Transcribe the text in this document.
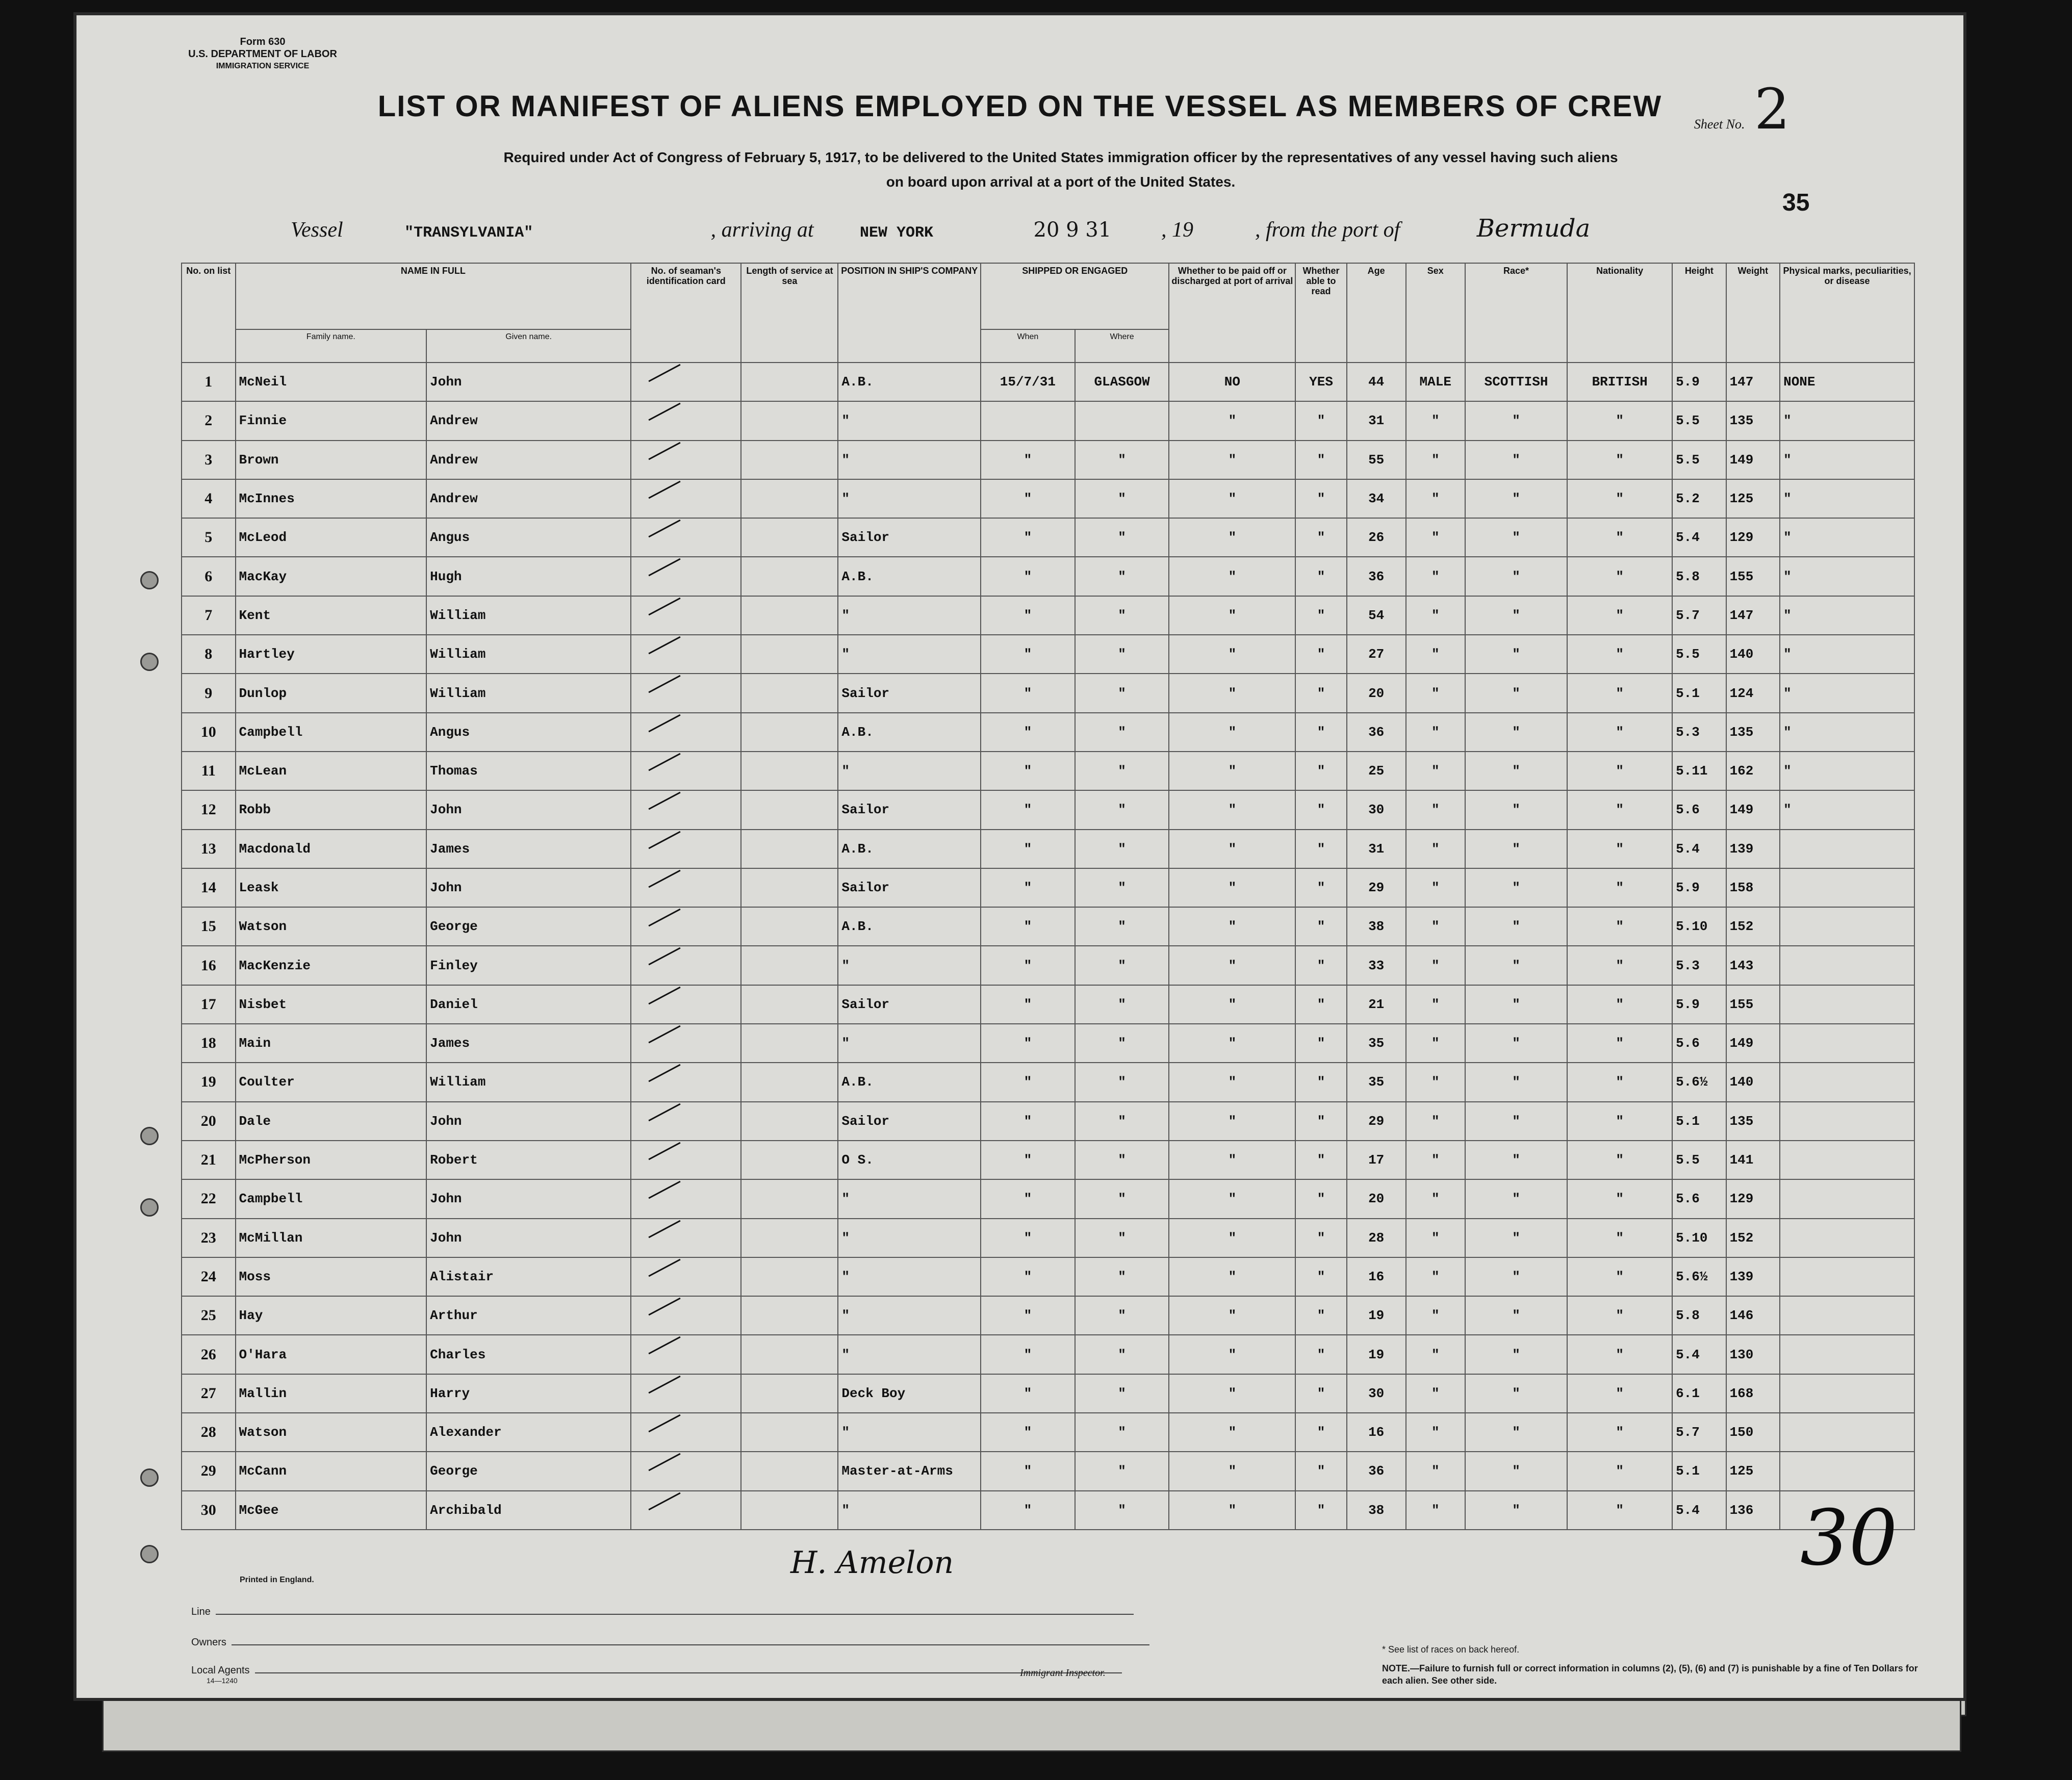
Form 630
U.S. DEPARTMENT OF LABOR
IMMIGRATION SERVICE
Sheet No. 2
LIST OR MANIFEST OF ALIENS EMPLOYED ON THE VESSEL AS MEMBERS OF CREW
Required under Act of Congress of February 5, 1917, to be delivered to the United States immigration officer by the representatives of any vessel having such aliens
on board upon arrival at a port of the United States.
35
Vessel	"TRANSYLVANIA"	, arriving at	NEW YORK	20 9 31 , 19	, from the port of	Bermuda
No. on list	NAME IN FULL		No. of seaman's identification card	Length of service at sea	POSITION IN SHIP'S COMPANY	SHIPPED OR ENGAGED		Whether to be paid off or discharged at port of arrival	Whether able to read	Age	Sex	Race*	Nationality	Height	Weight	Physical marks, peculiarities, or disease
	Family name.	Given name.				When	Where									
1	McNeil	John			A.B.	15/7/31	GLASGOW	NO	YES	44	MALE	SCOTTISH	BRITISH	5.9	147	NONE
2	Finnie	Andrew			"			"	"	31	"	"	"	5.5	135	"
3	Brown	Andrew			"	"	"	"	"	55	"	"	"	5.5	149	"
4	McInnes	Andrew			"	"	"	"	"	34	"	"	"	5.2	125	"
5	McLeod	Angus			Sailor	"	"	"	"	26	"	"	"	5.4	129	"
6	MacKay	Hugh			A.B.	"	"	"	"	36	"	"	"	5.8	155	"
7	Kent	William			"	"	"	"	"	54	"	"	"	5.7	147	"
8	Hartley	William			"	"	"	"	"	27	"	"	"	5.5	140	"
9	Dunlop	William			Sailor	"	"	"	"	20	"	"	"	5.1	124	"
10	Campbell	Angus			A.B.	"	"	"	"	36	"	"	"	5.3	135	"
11	McLean	Thomas			"	"	"	"	"	25	"	"	"	5.11	162	"
12	Robb	John			Sailor	"	"	"	"	30	"	"	"	5.6	149	"
13	Macdonald	James			A.B.	"	"	"	"	31	"	"	"	5.4	139	
14	Leask	John			Sailor	"	"	"	"	29	"	"	"	5.9	158	
15	Watson	George			A.B.	"	"	"	"	38	"	"	"	5.10	152	
16	MacKenzie	Finley			"	"	"	"	"	33	"	"	"	5.3	143	
17	Nisbet	Daniel			Sailor	"	"	"	"	21	"	"	"	5.9	155	
18	Main	James			"	"	"	"	"	35	"	"	"	5.6	149	
19	Coulter	William			A.B.	"	"	"	"	35	"	"	"	5.6½	140	
20	Dale	John			Sailor	"	"	"	"	29	"	"	"	5.1	135	
21	McPherson	Robert			O S.	"	"	"	"	17	"	"	"	5.5	141	
22	Campbell	John			"	"	"	"	"	20	"	"	"	5.6	129	
23	McMillan	John			"	"	"	"	"	28	"	"	"	5.10	152	
24	Moss	Alistair			"	"	"	"	"	16	"	"	"	5.6½	139	
25	Hay	Arthur			"	"	"	"	"	19	"	"	"	5.8	146	
26	O'Hara	Charles			"	"	"	"	"	19	"	"	"	5.4	130	
27	Mallin	Harry			Deck Boy	"	"	"	"	30	"	"	"	6.1	168	
28	Watson	Alexander			"	"	"	"	"	16	"	"	"	5.7	150	
29	McCann	George			Master-at-Arms	"	"	"	"	36	"	"	"	5.1	125	
30	McGee	Archibald			"	"	"	"	"	38	"	"	"	5.4	136	
H. Amelon	30
Printed in England.
Line
Owners
Local Agents
14—1240
Immigrant Inspector.
* See list of races on back hereof.
NOTE.—Failure to furnish full or correct information in columns (2), (5), (6) and (7) is punishable by a fine of Ten Dollars for each alien. See other side.
